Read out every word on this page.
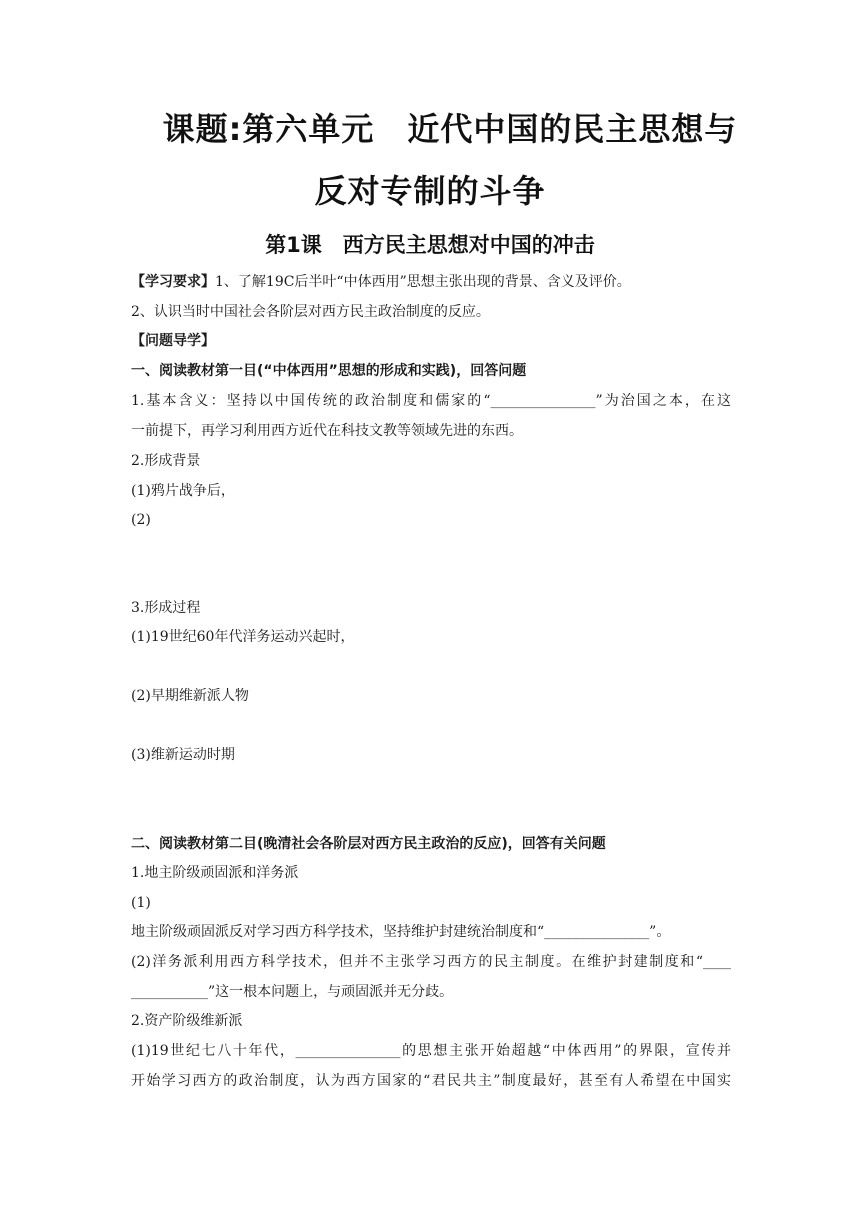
课题:第六单元　近代中国的民主思想与
反对专制的斗争
第1课　西方民主思想对中国的冲击
【学习要求】1、了解19C后半叶“中体西用”思想主张出现的背景、含义及评价。
2、认识当时中国社会各阶层对西方民主政治制度的反应。
【问题导学】
一、阅读教材第一目(“中体西用”思想的形成和实践)，回答问题
1.基本含义：坚持以中国传统的政治制度和儒家的“_______________”为治国之本，在这
一前提下，再学习利用西方近代在科技文教等领域先进的东西。
2.形成背景
(1)鸦片战争后，
(2)
3.形成过程
(1)19世纪60年代洋务运动兴起时，
(2)早期维新派人物
(3)维新运动时期
二、阅读教材第二目(晚清社会各阶层对西方民主政治的反应)，回答有关问题
1.地主阶级顽固派和洋务派
(1)
地主阶级顽固派反对学习西方科学技术，坚持维护封建统治制度和“_______________”。
(2)洋务派利用西方科学技术，但并不主张学习西方的民主制度。在维护封建制度和“____
___________”这一根本问题上，与顽固派并无分歧。
2.资产阶级维新派
(1)19世纪七八十年代，_______________的思想主张开始超越“中体西用”的界限，宣传并
开始学习西方的政治制度，认为西方国家的“君民共主”制度最好，甚至有人希望在中国实
